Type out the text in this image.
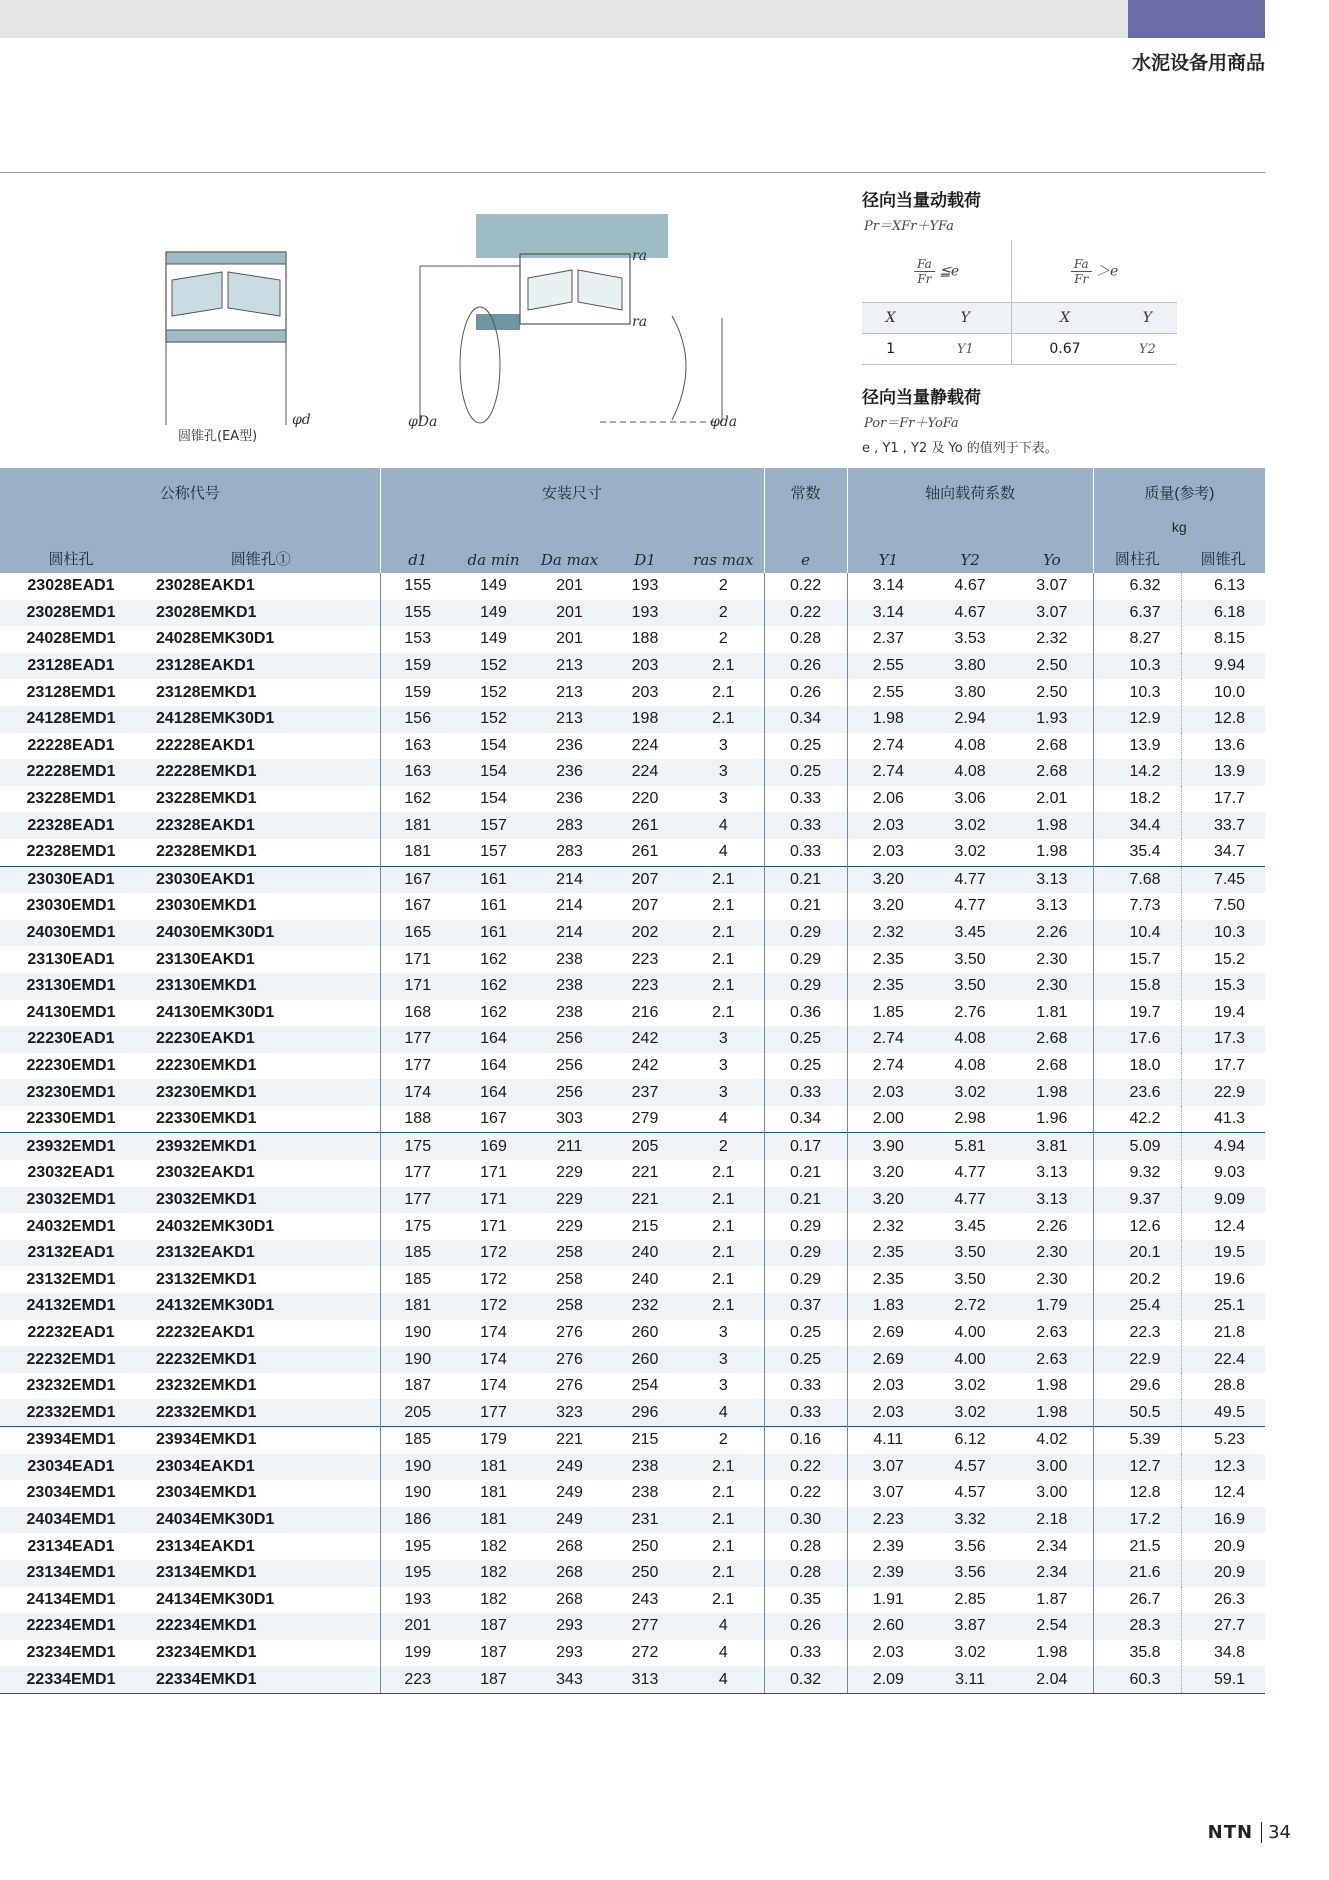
水泥设备用商品
圆锥孔(EA型)
φd
ra
ra
φDa	φda
径向当量动载荷
Pr＝XFr＋YFa
$\frac{Fa}{Fr}$ ≦e		$\frac{Fa}{Fr} >e$	
X	Y	X	Y
1	Y1	0.67	Y2
径向当量静载荷
Por＝Fr＋YoFa
e , Y1 , Y2 及 Yo 的值列于下表。
公称代号		安装尺寸					常数	轴向载荷系数			质量(参考)	
											kg	
圆柱孔	圆锥孔①	d1	da min	Da max	D1	ras max	e	Y1	Y2	Yo	圆柱孔	圆锥孔
23028EAD1	23028EAKD1	155	149	201	193	2	0.22	3.14	4.67	3.07	6.32	6.13
23028EMD1	23028EMKD1	155	149	201	193	2	0.22	3.14	4.67	3.07	6.37	6.18
24028EMD1	24028EMK30D1	153	149	201	188	2	0.28	2.37	3.53	2.32	8.27	8.15
23128EAD1	23128EAKD1	159	152	213	203	2.1	0.26	2.55	3.80	2.50	10.3	9.94
23128EMD1	23128EMKD1	159	152	213	203	2.1	0.26	2.55	3.80	2.50	10.3	10.0
24128EMD1	24128EMK30D1	156	152	213	198	2.1	0.34	1.98	2.94	1.93	12.9	12.8
22228EAD1	22228EAKD1	163	154	236	224	3	0.25	2.74	4.08	2.68	13.9	13.6
22228EMD1	22228EMKD1	163	154	236	224	3	0.25	2.74	4.08	2.68	14.2	13.9
23228EMD1	23228EMKD1	162	154	236	220	3	0.33	2.06	3.06	2.01	18.2	17.7
22328EAD1	22328EAKD1	181	157	283	261	4	0.33	2.03	3.02	1.98	34.4	33.7
22328EMD1	22328EMKD1	181	157	283	261	4	0.33	2.03	3.02	1.98	35.4	34.7
23030EAD1	23030EAKD1	167	161	214	207	2.1	0.21	3.20	4.77	3.13	7.68	7.45
23030EMD1	23030EMKD1	167	161	214	207	2.1	0.21	3.20	4.77	3.13	7.73	7.50
24030EMD1	24030EMK30D1	165	161	214	202	2.1	0.29	2.32	3.45	2.26	10.4	10.3
23130EAD1	23130EAKD1	171	162	238	223	2.1	0.29	2.35	3.50	2.30	15.7	15.2
23130EMD1	23130EMKD1	171	162	238	223	2.1	0.29	2.35	3.50	2.30	15.8	15.3
24130EMD1	24130EMK30D1	168	162	238	216	2.1	0.36	1.85	2.76	1.81	19.7	19.4
22230EAD1	22230EAKD1	177	164	256	242	3	0.25	2.74	4.08	2.68	17.6	17.3
22230EMD1	22230EMKD1	177	164	256	242	3	0.25	2.74	4.08	2.68	18.0	17.7
23230EMD1	23230EMKD1	174	164	256	237	3	0.33	2.03	3.02	1.98	23.6	22.9
22330EMD1	22330EMKD1	188	167	303	279	4	0.34	2.00	2.98	1.96	42.2	41.3
23932EMD1	23932EMKD1	175	169	211	205	2	0.17	3.90	5.81	3.81	5.09	4.94
23032EAD1	23032EAKD1	177	171	229	221	2.1	0.21	3.20	4.77	3.13	9.32	9.03
23032EMD1	23032EMKD1	177	171	229	221	2.1	0.21	3.20	4.77	3.13	9.37	9.09
24032EMD1	24032EMK30D1	175	171	229	215	2.1	0.29	2.32	3.45	2.26	12.6	12.4
23132EAD1	23132EAKD1	185	172	258	240	2.1	0.29	2.35	3.50	2.30	20.1	19.5
23132EMD1	23132EMKD1	185	172	258	240	2.1	0.29	2.35	3.50	2.30	20.2	19.6
24132EMD1	24132EMK30D1	181	172	258	232	2.1	0.37	1.83	2.72	1.79	25.4	25.1
22232EAD1	22232EAKD1	190	174	276	260	3	0.25	2.69	4.00	2.63	22.3	21.8
22232EMD1	22232EMKD1	190	174	276	260	3	0.25	2.69	4.00	2.63	22.9	22.4
23232EMD1	23232EMKD1	187	174	276	254	3	0.33	2.03	3.02	1.98	29.6	28.8
22332EMD1	22332EMKD1	205	177	323	296	4	0.33	2.03	3.02	1.98	50.5	49.5
23934EMD1	23934EMKD1	185	179	221	215	2	0.16	4.11	6.12	4.02	5.39	5.23
23034EAD1	23034EAKD1	190	181	249	238	2.1	0.22	3.07	4.57	3.00	12.7	12.3
23034EMD1	23034EMKD1	190	181	249	238	2.1	0.22	3.07	4.57	3.00	12.8	12.4
24034EMD1	24034EMK30D1	186	181	249	231	2.1	0.30	2.23	3.32	2.18	17.2	16.9
23134EAD1	23134EAKD1	195	182	268	250	2.1	0.28	2.39	3.56	2.34	21.5	20.9
23134EMD1	23134EMKD1	195	182	268	250	2.1	0.28	2.39	3.56	2.34	21.6	20.9
24134EMD1	24134EMK30D1	193	182	268	243	2.1	0.35	1.91	2.85	1.87	26.7	26.3
22234EMD1	22234EMKD1	201	187	293	277	4	0.26	2.60	3.87	2.54	28.3	27.7
23234EMD1	23234EMKD1	199	187	293	272	4	0.33	2.03	3.02	1.98	35.8	34.8
22334EMD1	22334EMKD1	223	187	343	313	4	0.32	2.09	3.11	2.04	60.3	59.1
NTN 34
